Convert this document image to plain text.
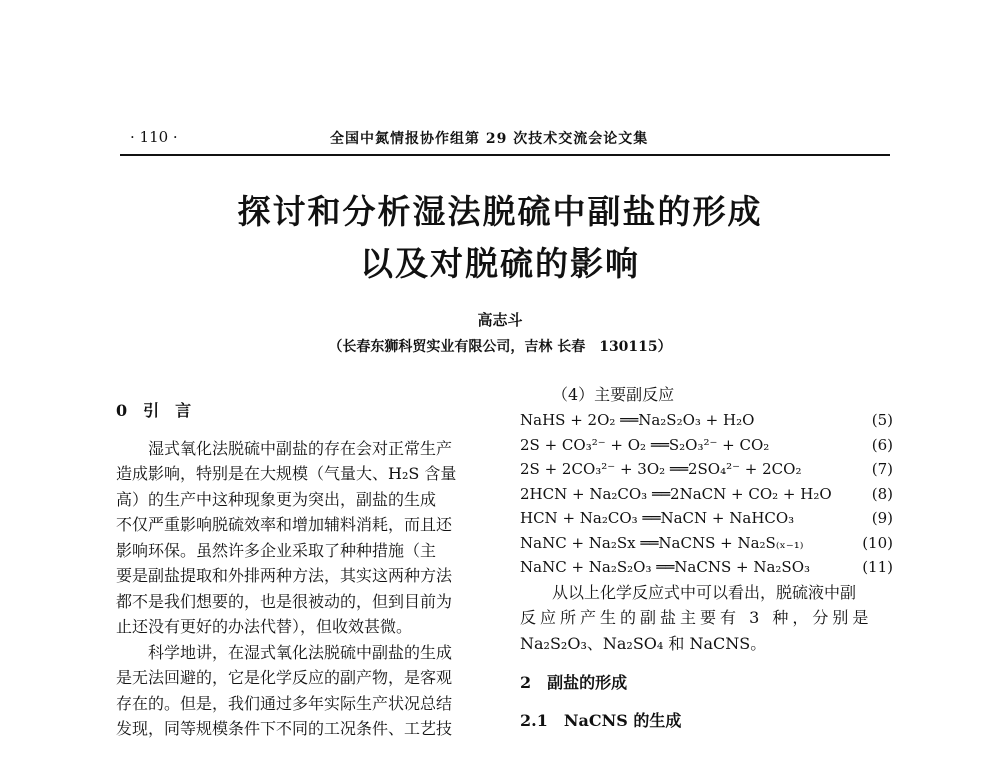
· 110 ·	全国中氮情报协作组第 29 次技术交流会论文集
探讨和分析湿法脱硫中副盐的形成
以及对脱硫的影响
高志斗
（长春东狮科贸实业有限公司，吉林 长春　130115）
0　引　言
湿式氧化法脱硫中副盐的存在会对正常生产
造成影响，特别是在大规模（气量大、H₂S 含量
高）的生产中这种现象更为突出，副盐的生成
不仅严重影响脱硫效率和增加辅料消耗，而且还
影响环保。虽然许多企业采取了种种措施（主
要是副盐提取和外排两种方法，其实这两种方法
都不是我们想要的，也是很被动的，但到目前为
止还没有更好的办法代替），但收效甚微。
科学地讲，在湿式氧化法脱硫中副盐的生成
是无法回避的，它是化学反应的副产物，是客观
存在的。但是，我们通过多年实际生产状况总结
发现，同等规模条件下不同的工况条件、工艺技
（4）主要副反应
NaHS + 2O₂ ══Na₂S₂O₃ + H₂O	(5)
2S + CO₃²⁻ + O₂ ══S₂O₃²⁻ + CO₂	(6)
2S + 2CO₃²⁻ + 3O₂ ══2SO₄²⁻ + 2CO₂	(7)
2HCN + Na₂CO₃ ══2NaCN + CO₂ + H₂O	(8)
HCN + Na₂CO₃ ══NaCN + NaHCO₃	(9)
NaNC + Na₂Sx ══NaCNS + Na₂S₍ₓ₋₁₎	(10)
NaNC + Na₂S₂O₃ ══NaCNS + Na₂SO₃	(11)
从以上化学反应式中可以看出，脱硫液中副
反应所产生的副盐主要有 3 种，分别是
Na₂S₂O₃、Na₂SO₄ 和 NaCNS。
2　副盐的形成
2.1　NaCNS 的生成
